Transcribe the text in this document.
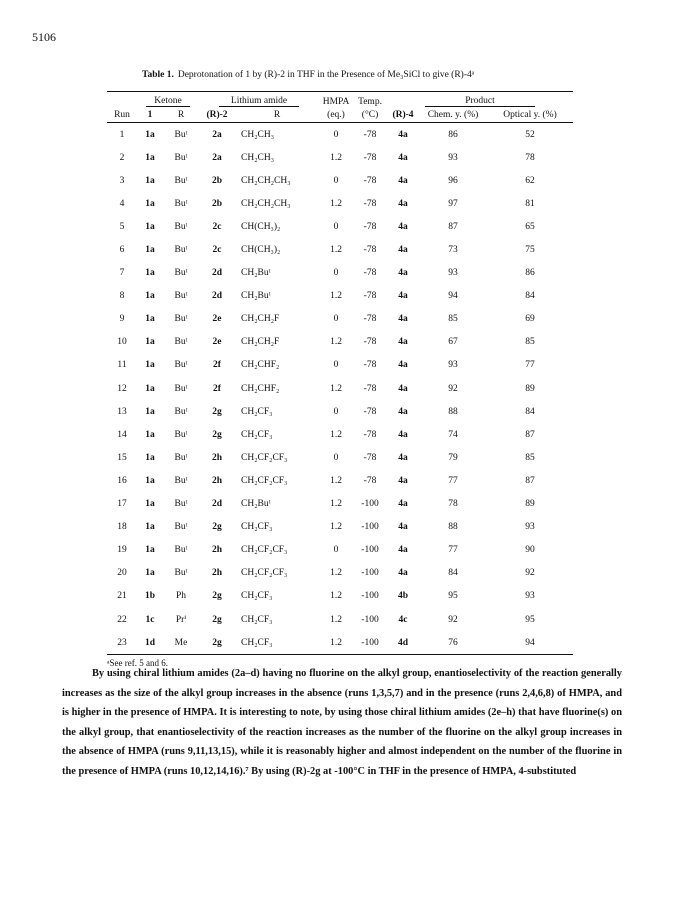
5106
Table 1. Deprotonation of 1 by (R)-2 in THF in the Presence of Me₃SiCl to give (R)-4ᵃ
	Ketone		Lithium amide		HMPA	Temp.	Product		
Run	1	R	(R)-2	R	(eq.)	(°C)	(R)-4	Chem. y. (%)	Optical y. (%)
1	1a	Buᵗ	2a	CH₂CH₃	0	-78	4a	86	52
2	1a	Buᵗ	2a	CH₂CH₃	1.2	-78	4a	93	78
3	1a	Buᵗ	2b	CH₂CH₂CH₃	0	-78	4a	96	62
4	1a	Buᵗ	2b	CH₂CH₂CH₃	1.2	-78	4a	97	81
5	1a	Buᵗ	2c	CH(CH₃)₂	0	-78	4a	87	65
6	1a	Buᵗ	2c	CH(CH₃)₂	1.2	-78	4a	73	75
7	1a	Buᵗ	2d	CH₂Buᵗ	0	-78	4a	93	86
8	1a	Buᵗ	2d	CH₂Buᵗ	1.2	-78	4a	94	84
9	1a	Buᵗ	2e	CH₂CH₂F	0	-78	4a	85	69
10	1a	Buᵗ	2e	CH₂CH₂F	1.2	-78	4a	67	85
11	1a	Buᵗ	2f	CH₂CHF₂	0	-78	4a	93	77
12	1a	Buᵗ	2f	CH₂CHF₂	1.2	-78	4a	92	89
13	1a	Buᵗ	2g	CH₂CF₃	0	-78	4a	88	84
14	1a	Buᵗ	2g	CH₂CF₃	1.2	-78	4a	74	87
15	1a	Buᵗ	2h	CH₂CF₂CF₃	0	-78	4a	79	85
16	1a	Buᵗ	2h	CH₂CF₂CF₃	1.2	-78	4a	77	87
17	1a	Buᵗ	2d	CH₂Buᵗ	1.2	-100	4a	78	89
18	1a	Buᵗ	2g	CH₂CF₃	1.2	-100	4a	88	93
19	1a	Buᵗ	2h	CH₂CF₂CF₃	0	-100	4a	77	90
20	1a	Buᵗ	2h	CH₂CF₂CF₃	1.2	-100	4a	84	92
21	1b	Ph	2g	CH₂CF₃	1.2	-100	4b	95	93
22	1c	Prⁱ	2g	CH₂CF₃	1.2	-100	4c	92	95
23	1d	Me	2g	CH₂CF₃	1.2	-100	4d	76	94
ᵃSee ref. 5 and 6.

By using chiral lithium amides (2a–d) having no fluorine on the alkyl group, enantioselectivity of the reaction generally increases as the size of the alkyl group increases in the absence (runs 1,3,5,7) and in the presence (runs 2,4,6,8) of HMPA, and is higher in the presence of HMPA. It is interesting to note, by using those chiral lithium amides (2e–h) that have fluorine(s) on the alkyl group, that enantioselectivity of the reaction increases as the number of the fluorine on the alkyl group increases in the absence of HMPA (runs 9,11,13,15), while it is reasonably higher and almost independent on the number of the fluorine in the presence of HMPA (runs 10,12,14,16).⁷ By using (R)-2g at -100°C in THF in the presence of HMPA, 4-substituted
